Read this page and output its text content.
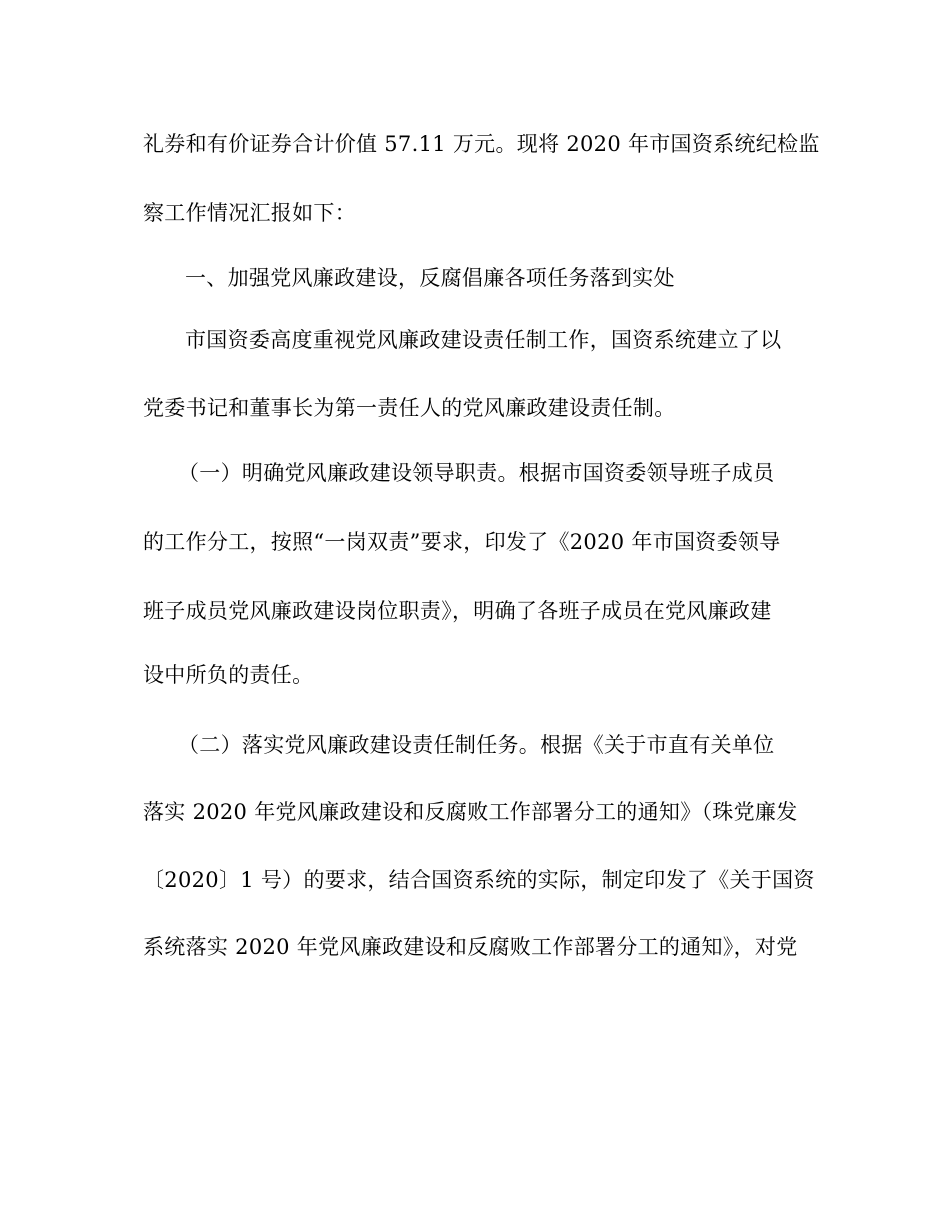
礼券和有价证券合计价值 57.11 万元。现将 2020 年市国资系统纪检监
察工作情况汇报如下：
一、加强党风廉政建设，反腐倡廉各项任务落到实处
市国资委高度重视党风廉政建设责任制工作，国资系统建立了以
党委书记和董事长为第一责任人的党风廉政建设责任制。
（一）明确党风廉政建设领导职责。根据市国资委领导班子成员
的工作分工，按照“一岗双责”要求，印发了《2020 年市国资委领导
班子成员党风廉政建设岗位职责》，明确了各班子成员在党风廉政建
设中所负的责任。
（二）落实党风廉政建设责任制任务。根据《关于市直有关单位
落实 2020 年党风廉政建设和反腐败工作部署分工的通知》（珠党廉发
〔2020〕1 号）的要求，结合国资系统的实际，制定印发了《关于国资
系统落实 2020 年党风廉政建设和反腐败工作部署分工的通知》，对党
